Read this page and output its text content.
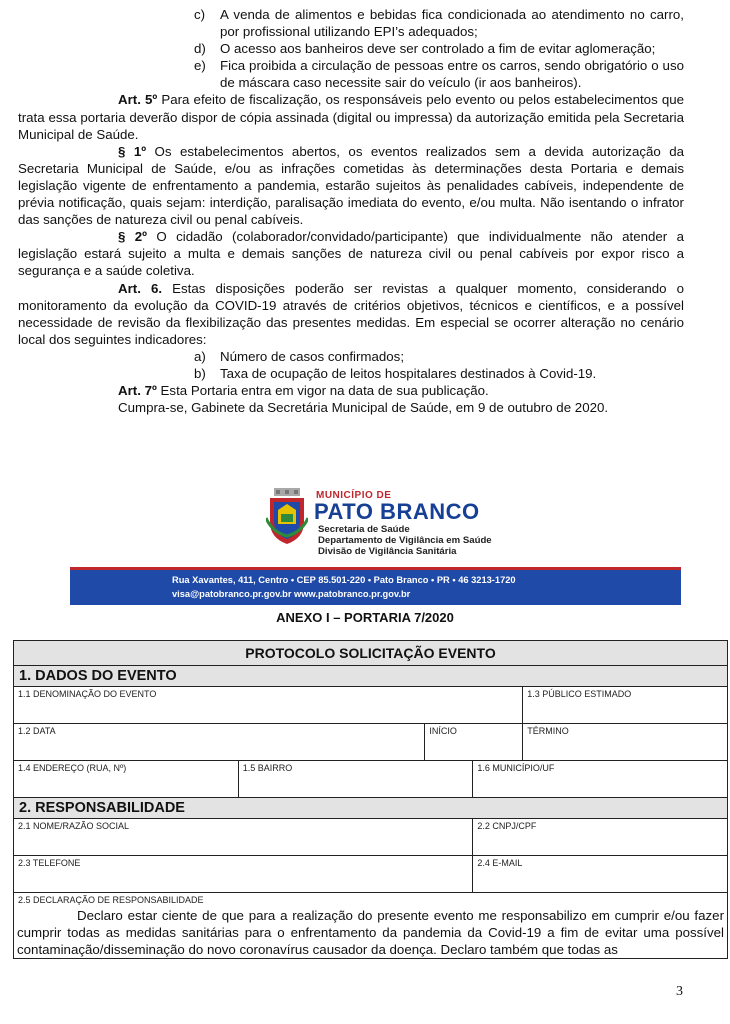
c)	A venda de alimentos e bebidas fica condicionada ao atendimento no carro, por profissional utilizando EPI’s adequados;
d)	O acesso aos banheiros deve ser controlado a fim de evitar aglomeração;
e)	Fica proibida a circulação de pessoas entre os carros, sendo obrigatório o uso de máscara caso necessite sair do veículo (ir aos banheiros).

Art. 5º Para efeito de fiscalização, os responsáveis pelo evento ou pelos estabelecimentos que trata essa portaria deverão dispor de cópia assinada (digital ou impressa) da autorização emitida pela Secretaria Municipal de Saúde.

§ 1º Os estabelecimentos abertos, os eventos realizados sem a devida autorização da Secretaria Municipal de Saúde, e/ou as infrações cometidas às determinações desta Portaria e demais legislação vigente de enfrentamento a pandemia, estarão sujeitos às penalidades cabíveis, independente de prévia notificação, quais sejam: interdição, paralisação imediata do evento, e/ou multa. Não isentando o infrator das sanções de natureza civil ou penal cabíveis.

§ 2º O cidadão (colaborador/convidado/participante) que individualmente não atender a legislação estará sujeito a multa e demais sanções de natureza civil ou penal cabíveis por expor risco a segurança e a saúde coletiva.

Art. 6. Estas disposições poderão ser revistas a qualquer momento, considerando o monitoramento da evolução da COVID-19 através de critérios objetivos, técnicos e científicos, e a possível necessidade de revisão da flexibilização das presentes medidas. Em especial se ocorrer alteração no cenário local dos seguintes indicadores:

a)	Número de casos confirmados;
b)	Taxa de ocupação de leitos hospitalares destinados à Covid-19.

Art. 7º Esta Portaria entra em vigor na data de sua publicação.

Cumpra-se, Gabinete da Secretária Municipal de Saúde, em 9 de outubro de 2020.

MUNICÍPIO DE
PATO BRANCO
Secretaria de Saúde
Departamento de Vigilância em Saúde
Divisão de Vigilância Sanitária
Rua Xavantes, 411, Centro • CEP 85.501-220 • Pato Branco • PR • 46 3213-1720
visa@patobranco.pr.gov.br www.patobranco.pr.gov.br
ANEXO I – PORTARIA 7/2020
PROTOCOLO SOLICITAÇÃO EVENTO				
1. DADOS DO EVENTO				

1.1 DENOMINAÇÃO DO EVENTO				1.3 PÚBLICO ESTIMADO

1.2 DATA		INÍCIO		TÉRMINO

1.4 ENDEREÇO (RUA, Nº)	1.5 BAIRRO		1.6 MUNICÍPIO/UF	

2. RESPONSABILIDADE				

2.1 NOME/RAZÃO SOCIAL			2.2 CNPJ/CPF	

2.3 TELEFONE			2.4 E-MAIL	

2.5 DECLARAÇÃO DE RESPONSABILIDADE
Declaro estar ciente de que para a realização do presente evento me responsabilizo em cumprir e/ou fazer cumprir todas as medidas sanitárias para o enfrentamento da pandemia da Covid-19 a fim de evitar uma possível contaminação/disseminação do novo coronavírus causador da doença. Declaro também que todas as				
3
